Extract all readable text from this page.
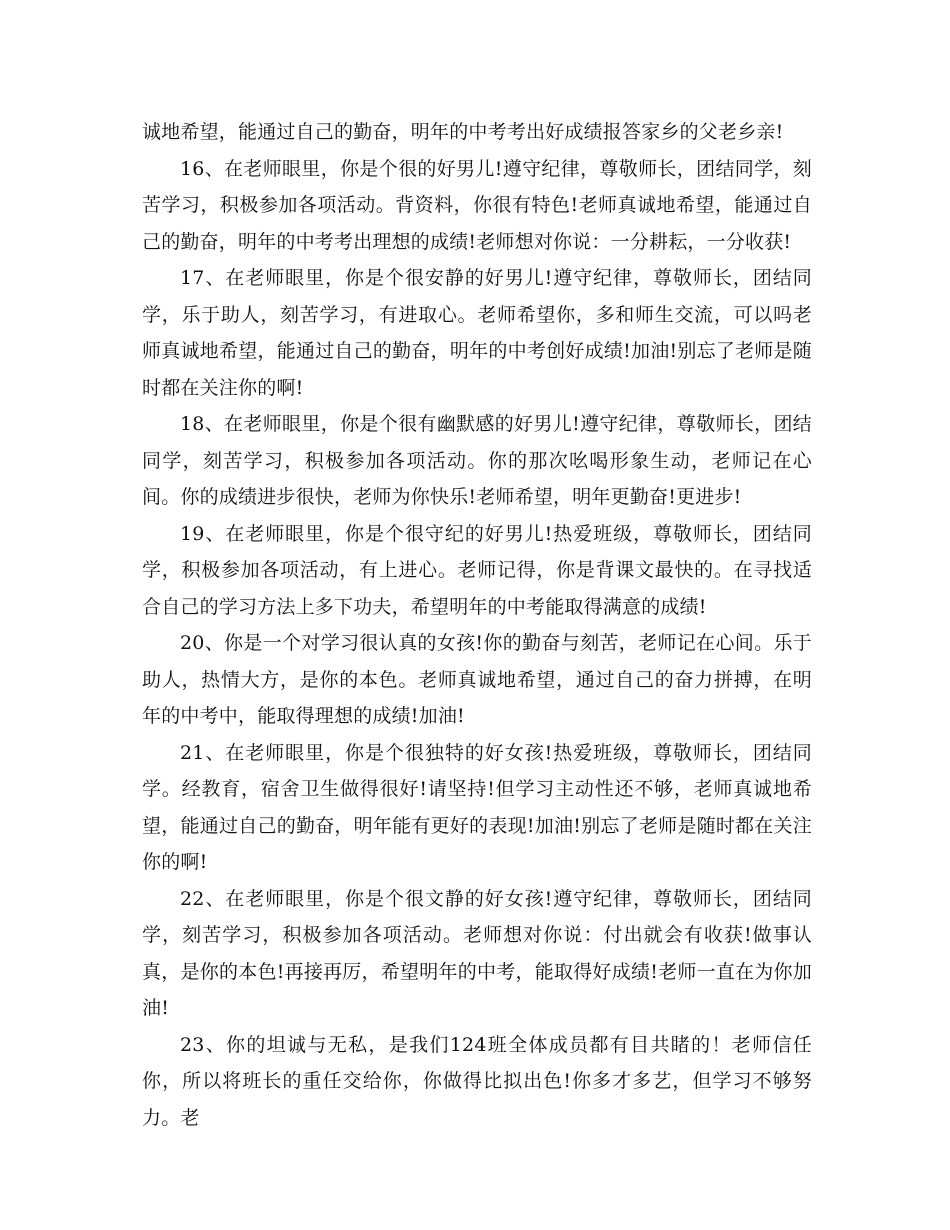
诚地希望，能通过自己的勤奋，明年的中考考出好成绩报答家乡的父老乡亲!

16、在老师眼里，你是个很的好男儿!遵守纪律，尊敬师长，团结同学，刻苦学习，积极参加各项活动。背资料，你很有特色!老师真诚地希望，能通过自己的勤奋，明年的中考考出理想的成绩!老师想对你说：一分耕耘，一分收获!

17、在老师眼里，你是个很安静的好男儿!遵守纪律，尊敬师长，团结同学，乐于助人，刻苦学习，有进取心。老师希望你，多和师生交流，可以吗老师真诚地希望，能通过自己的勤奋，明年的中考创好成绩!加油!别忘了老师是随时都在关注你的啊!

18、在老师眼里，你是个很有幽默感的好男儿!遵守纪律，尊敬师长，团结同学，刻苦学习，积极参加各项活动。你的那次吆喝形象生动，老师记在心间。你的成绩进步很快，老师为你快乐!老师希望，明年更勤奋!更进步!

19、在老师眼里，你是个很守纪的好男儿!热爱班级，尊敬师长，团结同学，积极参加各项活动，有上进心。老师记得，你是背课文最快的。在寻找适合自己的学习方法上多下功夫，希望明年的中考能取得满意的成绩!

20、你是一个对学习很认真的女孩!你的勤奋与刻苦，老师记在心间。乐于助人，热情大方，是你的本色。老师真诚地希望，通过自己的奋力拼搏，在明年的中考中，能取得理想的成绩!加油!

21、在老师眼里，你是个很独特的好女孩!热爱班级，尊敬师长，团结同学。经教育，宿舍卫生做得很好!请坚持!但学习主动性还不够，老师真诚地希望，能通过自己的勤奋，明年能有更好的表现!加油!别忘了老师是随时都在关注你的啊!

22、在老师眼里，你是个很文静的好女孩!遵守纪律，尊敬师长，团结同学，刻苦学习，积极参加各项活动。老师想对你说：付出就会有收获!做事认真，是你的本色!再接再厉，希望明年的中考，能取得好成绩!老师一直在为你加油!

23、你的坦诚与无私，是我们124班全体成员都有目共睹的！老师信任你，所以将班长的重任交给你，你做得比拟出色!你多才多艺，但学习不够努力。老
